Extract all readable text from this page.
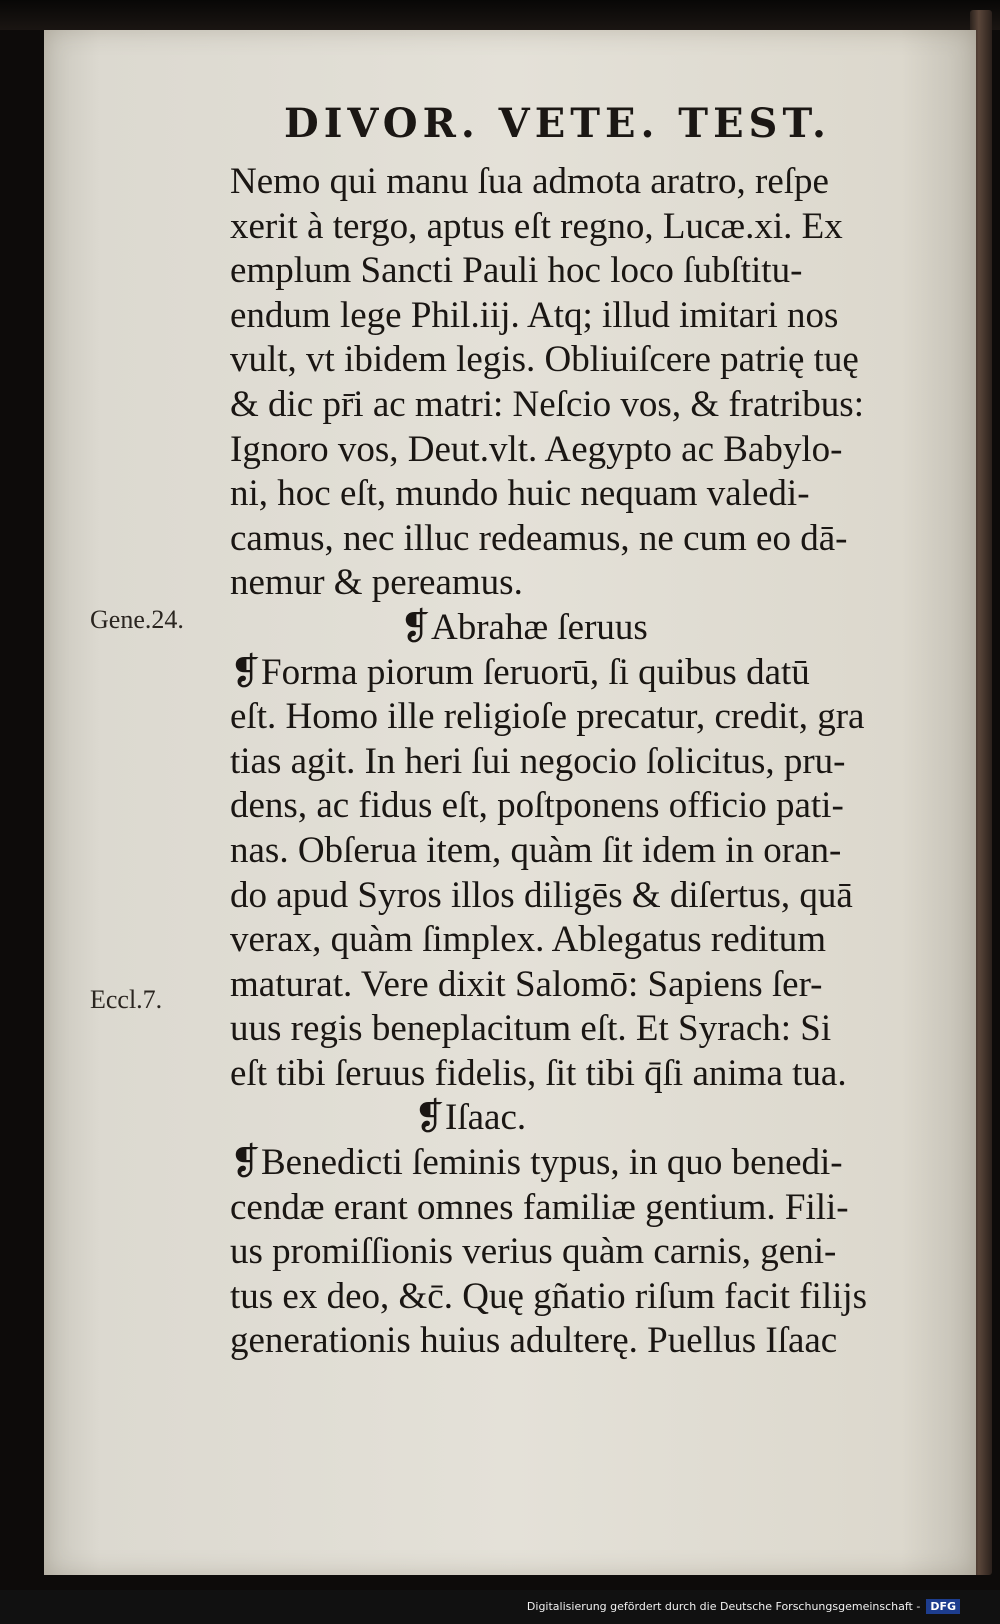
DIVOR. VETE. TEST.
Gene.24.
Eccl.7.
Nemo qui manu ſua admota aratro, reſpe
xerit à tergo, aptus eſt regno, Lucæ.xi. Ex
emplum Sancti Pauli hoc loco ſubſtitu-
endum lege Phil.iij. Atq; illud imitari nos
vult, vt ibidem legis. Obliuiſcere patrię tuę
& dic pr̄i ac matri: Neſcio vos, & fratribus:
Ignoro vos, Deut.vlt. Aegypto ac Babylo-
ni, hoc eſt, mundo huic nequam valedi-
camus, nec illuc redeamus, ne cum eo dā-
nemur & pereamus.
❡Abrahæ ſeruus
❡Forma piorum ſeruorū, ſi quibus datū
eſt. Homo ille religioſe precatur, credit, gra
tias agit. In heri ſui negocio ſolicitus, pru-
dens, ac fidus eſt, poſtponens officio pati-
nas. Obſerua item, quàm ſit idem in oran-
do apud Syros illos diligēs & diſertus, quā
verax, quàm ſimplex. Ablegatus reditum
maturat. Vere dixit Salomō: Sapiens ſer-
uus regis beneplacitum eſt. Et Syrach: Si
eſt tibi ſeruus fidelis, ſit tibi q̄ſi anima tua.
❡Iſaac.
❡Benedicti ſeminis typus, in quo benedi-
cendæ erant omnes familiæ gentium. Fili-
us promiſſionis verius quàm carnis, geni-
tus ex deo, &c̄. Quę gñatio riſum facit filijs
generationis huius adulterę. Puellus Iſaac
Digitalisierung gefördert durch die Deutsche Forschungsgemeinschaft - DFG
